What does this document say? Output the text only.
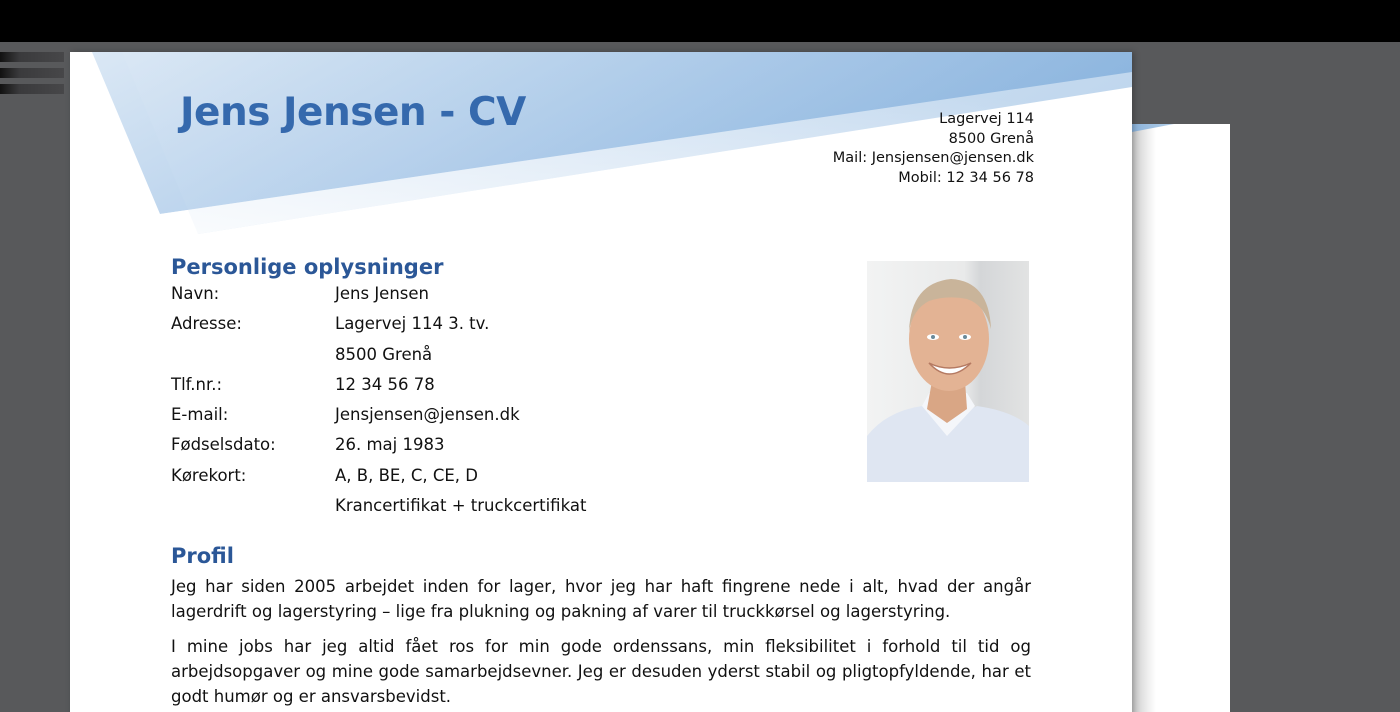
Jens Jensen - CV	Lagervej 114
8500 Grenå
Mail: Jensjensen@jensen.dk
Mobil: 12 34 56 78
Personlige oplysninger
Navn:	Jens Jensen
Adresse:	Lagervej 114 3. tv.
8500 Grenå
Tlf.nr.:	12 34 56 78
E-mail:	Jensjensen@jensen.dk
Fødselsdato:	26. maj 1983
Kørekort:	A, B, BE, C, CE, D
Krancertifikat + truckcertifikat
Profil

Jeg har siden 2005 arbejdet inden for lager, hvor jeg har haft fingrene nede i alt, hvad der angår lagerdrift og lagerstyring – lige fra plukning og pakning af varer til truckkørsel og lagerstyring.

I mine jobs har jeg altid fået ros for min gode ordenssans, min fleksibilitet i forhold til tid og arbejdsopgaver og mine gode samarbejdsevner. Jeg er desuden yderst stabil og pligtopfyldende, har et godt humør og er ansvarsbevidst.
